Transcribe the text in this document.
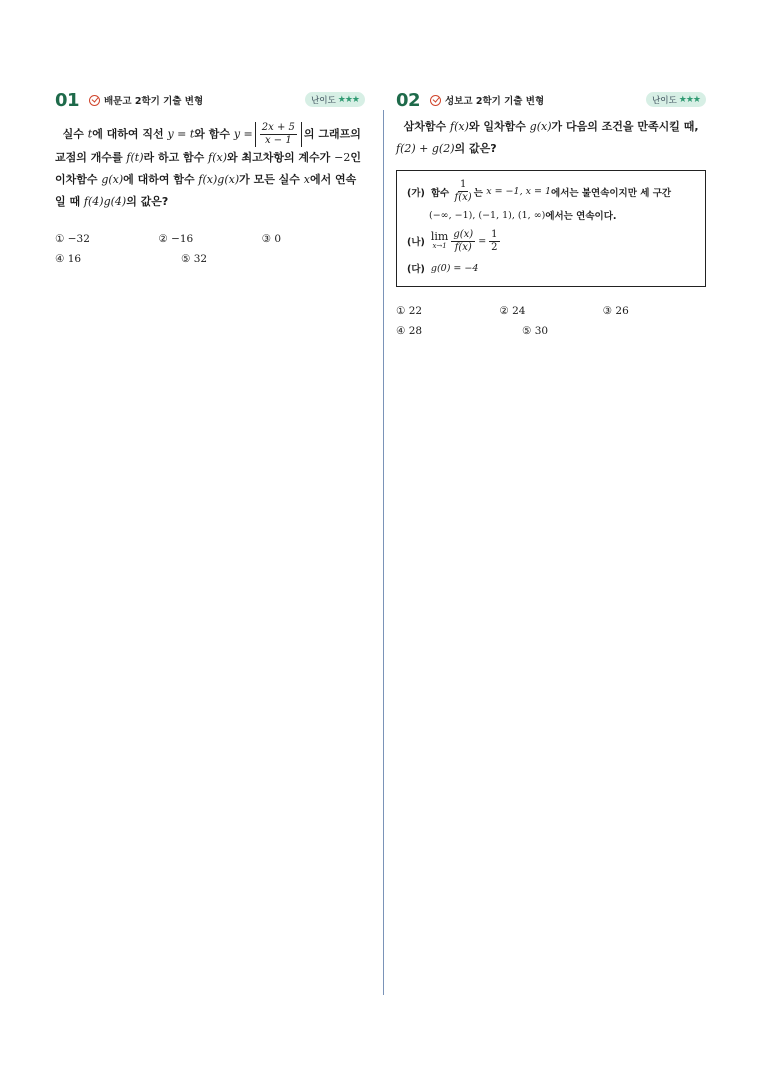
01	배문고 2학기 기출 변형	난이도 ★★★
실수 t에 대하여 직선 y = t와 함수 $y = \frac{2x + 5}{x - 1}$ 의 그래프의
교점의 개수를 f(t)라 하고 함수 f(x)와 최고차항의 계수가 −2인
이차함수 g(x)에 대하여 함수 f(x)g(x)가 모든 실수 x에서 연속
일 때 f(4)g(4)의 값은?
① −32	② −16	③ 0
④ 16	⑤ 32
02	성보고 2학기 기출 변형	난이도 ★★★
삼차함수 f(x)와 일차함수 g(x)가 다음의 조건을 만족시킬 때,
f(2) + g(2)의 값은?
(가) 함수
$\frac{1}{f(x)}$ 는
x = −1, x = 1 에서는 불연속이지만 세 구간
(−∞, −1), (−1, 1), (1, ∞) 에서는 연속이다.
(나) lim
$x\to 1 \frac{g(x)}{f(x)} = \frac{1}{2}$
(다) g(0) = −4
① 22	② 24	③ 26
④ 28	⑤ 30
